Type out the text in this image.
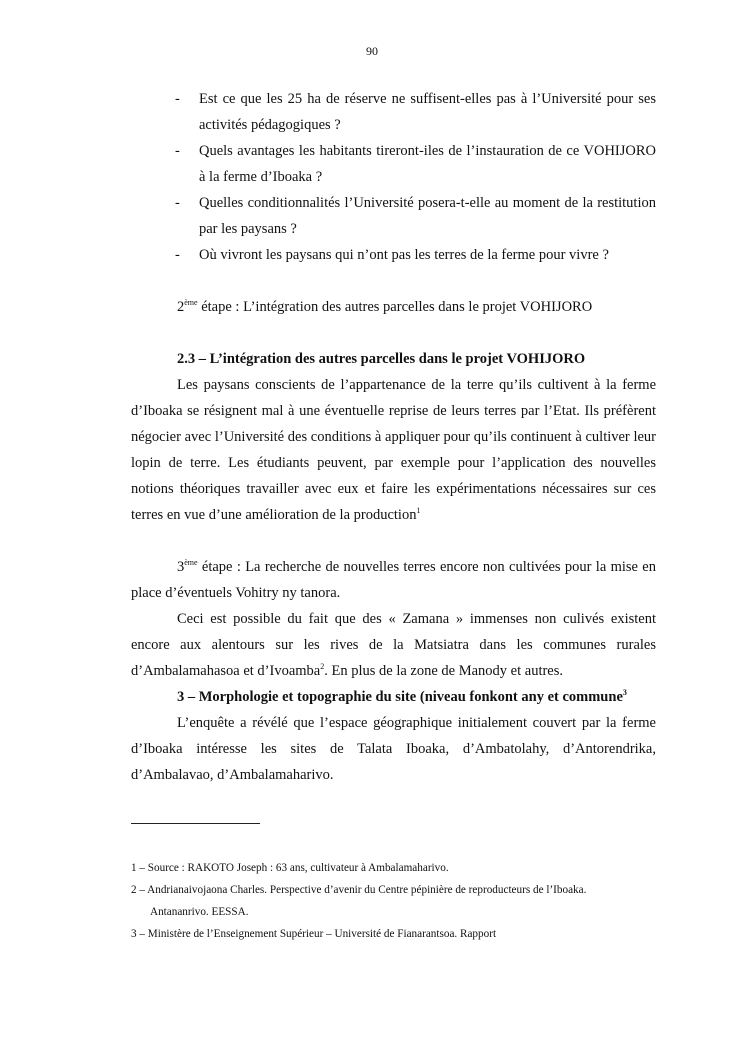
90
- Est ce que les 25 ha de réserve ne suffisent-elles pas à l’Université pour ses activités pédagogiques ?
- Quels avantages les habitants tireront-iles de l’instauration de ce VOHIJORO à la ferme d’Iboaka ?
- Quelles conditionnalités l’Université posera-t-elle au moment de la restitution par les paysans ?
- Où vivront les paysans qui n’ont pas les terres de la ferme pour vivre ?

2ème étape : L’intégration des autres parcelles dans le projet VOHIJORO

2.3 – L’intégration des autres parcelles dans le projet VOHIJORO

Les paysans conscients de l’appartenance de la terre qu’ils cultivent à la ferme d’Iboaka se résignent mal à une éventuelle reprise de leurs terres par l’Etat. Ils préfèrent négocier avec l’Université des conditions à appliquer pour qu’ils continuent à cultiver leur lopin de terre. Les étudiants peuvent, par exemple pour l’application des nouvelles notions théoriques travailler avec eux et faire les expérimentations nécessaires sur ces terres en vue d’une amélioration de la production$^1$

3ème étape : La recherche de nouvelles terres encore non cultivées pour la mise en place d’éventuels Vohitry ny tanora.

Ceci est possible du fait que des « Zamana » immenses non culivés existent encore aux alentours sur les rives de la Matsiatra dans les communes rurales d’Ambalamahasoa et d’Ivoamba$^2$. En plus de la zone de Manody et autres.

3 – Morphologie et topographie du site (niveau fonkont any et commune$^3$

L’enquête a révélé que l’espace géographique initialement couvert par la ferme d’Iboaka intéresse les sites de Talata Iboaka, d’Ambatolahy, d’Antorendrika, d’Ambalavao, d’Ambalamaharivo.

1 – Source : RAKOTO Joseph : 63 ans, cultivateur à Ambalamaharivo.
2 – Andrianaivojaona Charles. Perspective d’avenir du Centre pépinière de reproducteurs de l’Iboaka.
Antananrivo. EESSA.
3 – Ministère de l’Enseignement Supérieur – Université de Fianarantsoa. Rapport
